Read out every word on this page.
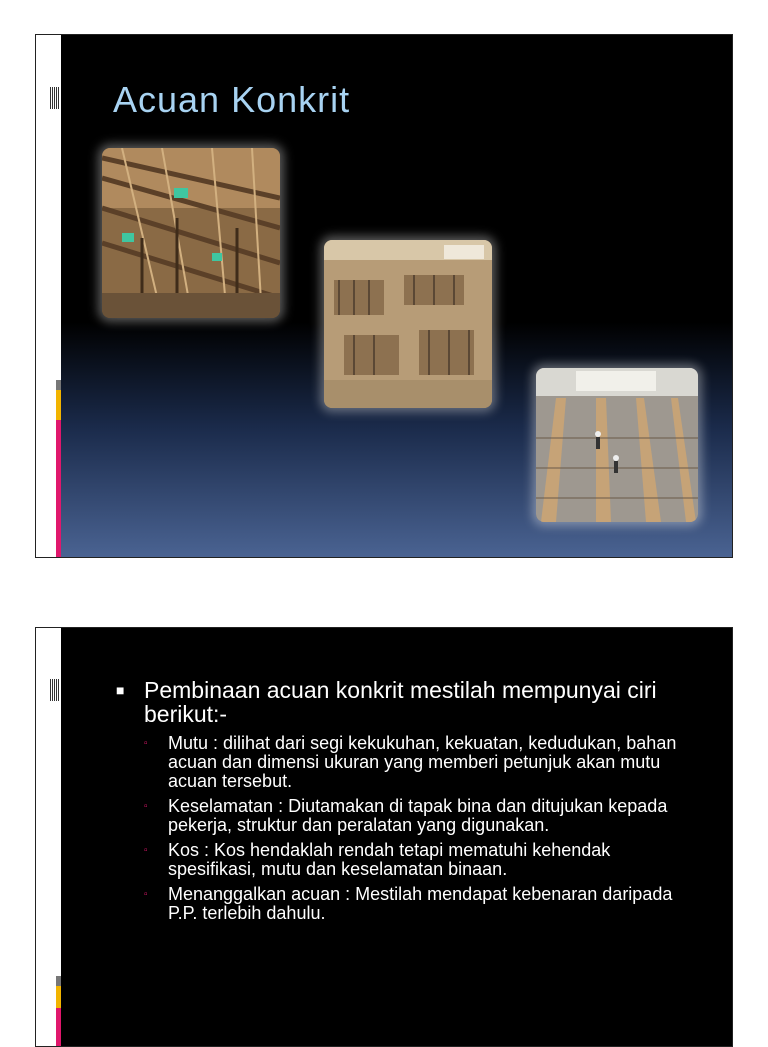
Acuan Konkrit
■ Pembinaan acuan konkrit mestilah mempunyai ciri berikut:-
▫	Mutu : dilihat dari segi kekukuhan, kekuatan, kedudukan, bahan acuan dan dimensi ukuran yang memberi petunjuk akan mutu acuan tersebut.
▫	Keselamatan : Diutamakan di tapak bina dan ditujukan kepada pekerja, struktur dan peralatan yang digunakan.
▫	Kos : Kos hendaklah rendah tetapi mematuhi kehendak spesifikasi, mutu dan keselamatan binaan.
▫	Menanggalkan acuan : Mestilah mendapat kebenaran daripada P.P. terlebih dahulu.
